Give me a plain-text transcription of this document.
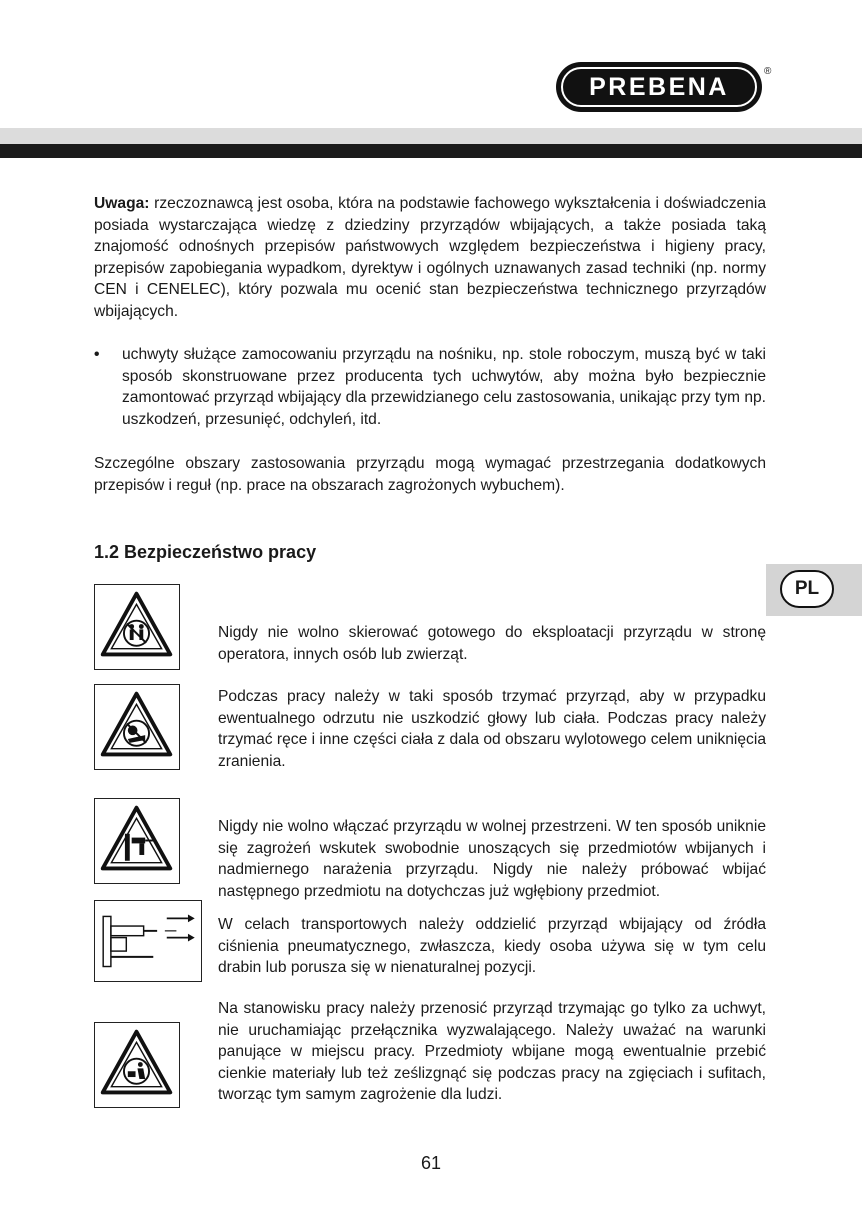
PREBENA
®
PL
Uwaga: rzeczoznawcą jest osoba, która na podstawie fachowego wykształcenia i doświadczenia posiada wystarczająca wiedzę z dziedziny przyrządów wbijających, a także posiada taką znajomość odnośnych przepisów państwowych względem bezpieczeństwa i higieny pracy, przepisów zapobiegania wypadkom, dyrektyw i ogólnych uznawanych zasad techniki (np. normy CEN i CENELEC), który pozwala mu ocenić stan bezpieczeństwa technicznego przyrządów wbijających.
•	uchwyty służące zamocowaniu przyrządu na nośniku, np. stole roboczym, muszą być w taki sposób skonstruowane przez producenta tych uchwytów, aby można było bezpiecznie zamontować przyrząd wbijający dla przewidzianego celu zastosowania, unikając przy tym np. uszkodzeń, przesunięć, odchyleń, itd.
Szczególne obszary zastosowania przyrządu mogą wymagać przestrzegania dodatkowych przepisów i reguł (np. prace na obszarach zagrożonych wybuchem).
1.2 Bezpieczeństwo pracy
Nigdy nie wolno skierować gotowego do eksploatacji przyrządu w stronę operatora, innych osób lub zwierząt.
Podczas pracy należy w taki sposób trzymać przyrząd, aby w przypadku ewentualnego odrzutu nie uszkodzić głowy lub ciała. Podczas pracy należy trzymać ręce i inne części ciała z dala od obszaru wylotowego celem uniknięcia zranienia.
Nigdy nie wolno włączać przyrządu w wolnej przestrzeni. W ten sposób uniknie się zagrożeń wskutek swobodnie unoszących się przedmiotów wbijanych i nadmiernego narażenia przyrządu. Nigdy nie należy próbować wbijać następnego przedmiotu na dotychczas już wgłębiony przedmiot.
W celach transportowych należy oddzielić przyrząd wbijający od źródła ciśnienia pneumatycznego, zwłaszcza, kiedy osoba używa się w tym celu drabin lub porusza się w nienaturalnej pozycji.
Na stanowisku pracy należy przenosić przyrząd trzymając go tylko za uchwyt, nie uruchamiając przełącznika wyzwalającego. Należy uważać na warunki panujące w miejscu pracy. Przedmioty wbijane mogą ewentualnie przebić cienkie materiały lub też ześlizgnąć się podczas pracy na zgięciach i sufitach, tworząc tym samym zagrożenie dla ludzi.
61
